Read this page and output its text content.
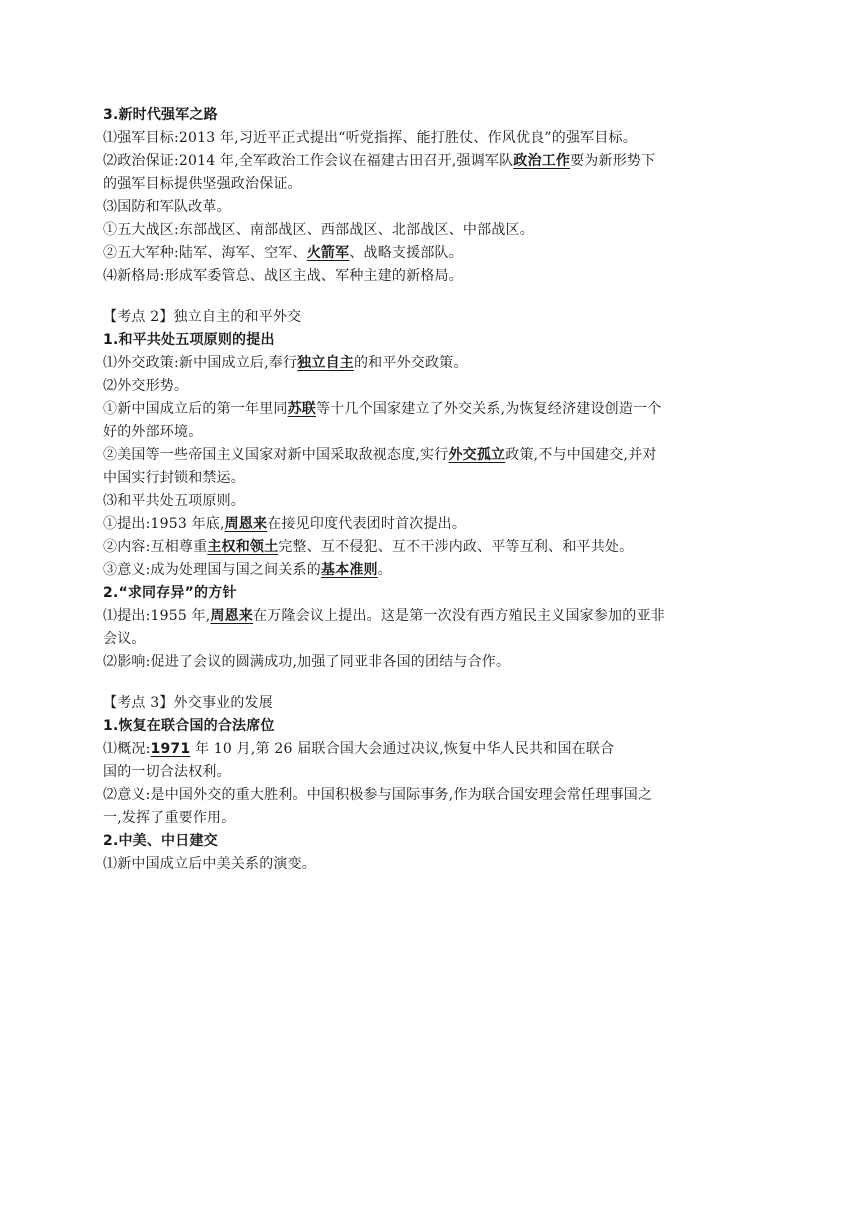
3.新时代强军之路
⑴强军目标:2013 年,习近平正式提出“听党指挥、能打胜仗、作风优良”的强军目标。
⑵政治保证:2014 年,全军政治工作会议在福建古田召开,强调军队政治工作要为新形势下
的强军目标提供坚强政治保证。
⑶国防和军队改革。
①五大战区:东部战区、南部战区、西部战区、北部战区、中部战区。
②五大军种:陆军、海军、空军、火箭军、战略支援部队。
⑷新格局:形成军委管总、战区主战、军种主建的新格局。
【考点 2】独立自主的和平外交
1.和平共处五项原则的提出
⑴外交政策:新中国成立后,奉行独立自主的和平外交政策。
⑵外交形势。
①新中国成立后的第一年里同苏联等十几个国家建立了外交关系,为恢复经济建设创造一个
好的外部环境。
②美国等一些帝国主义国家对新中国采取敌视态度,实行外交孤立政策,不与中国建交,并对
中国实行封锁和禁运。
⑶和平共处五项原则。
①提出:1953 年底,周恩来在接见印度代表团时首次提出。
②内容:互相尊重主权和领土完整、互不侵犯、互不干涉内政、平等互利、和平共处。
③意义:成为处理国与国之间关系的基本准则。
2.“求同存异”的方针
⑴提出:1955 年,周恩来在万隆会议上提出。这是第一次没有西方殖民主义国家参加的亚非
会议。
⑵影响:促进了会议的圆满成功,加强了同亚非各国的团结与合作。
【考点 3】外交事业的发展
1.恢复在联合国的合法席位
⑴概况:1971 年 10 月,第 26 届联合国大会通过决议,恢复中华人民共和国在联合
国的一切合法权利。
⑵意义:是中国外交的重大胜利。中国积极参与国际事务,作为联合国安理会常任理事国之
一,发挥了重要作用。
2.中美、中日建交
⑴新中国成立后中美关系的演变。
